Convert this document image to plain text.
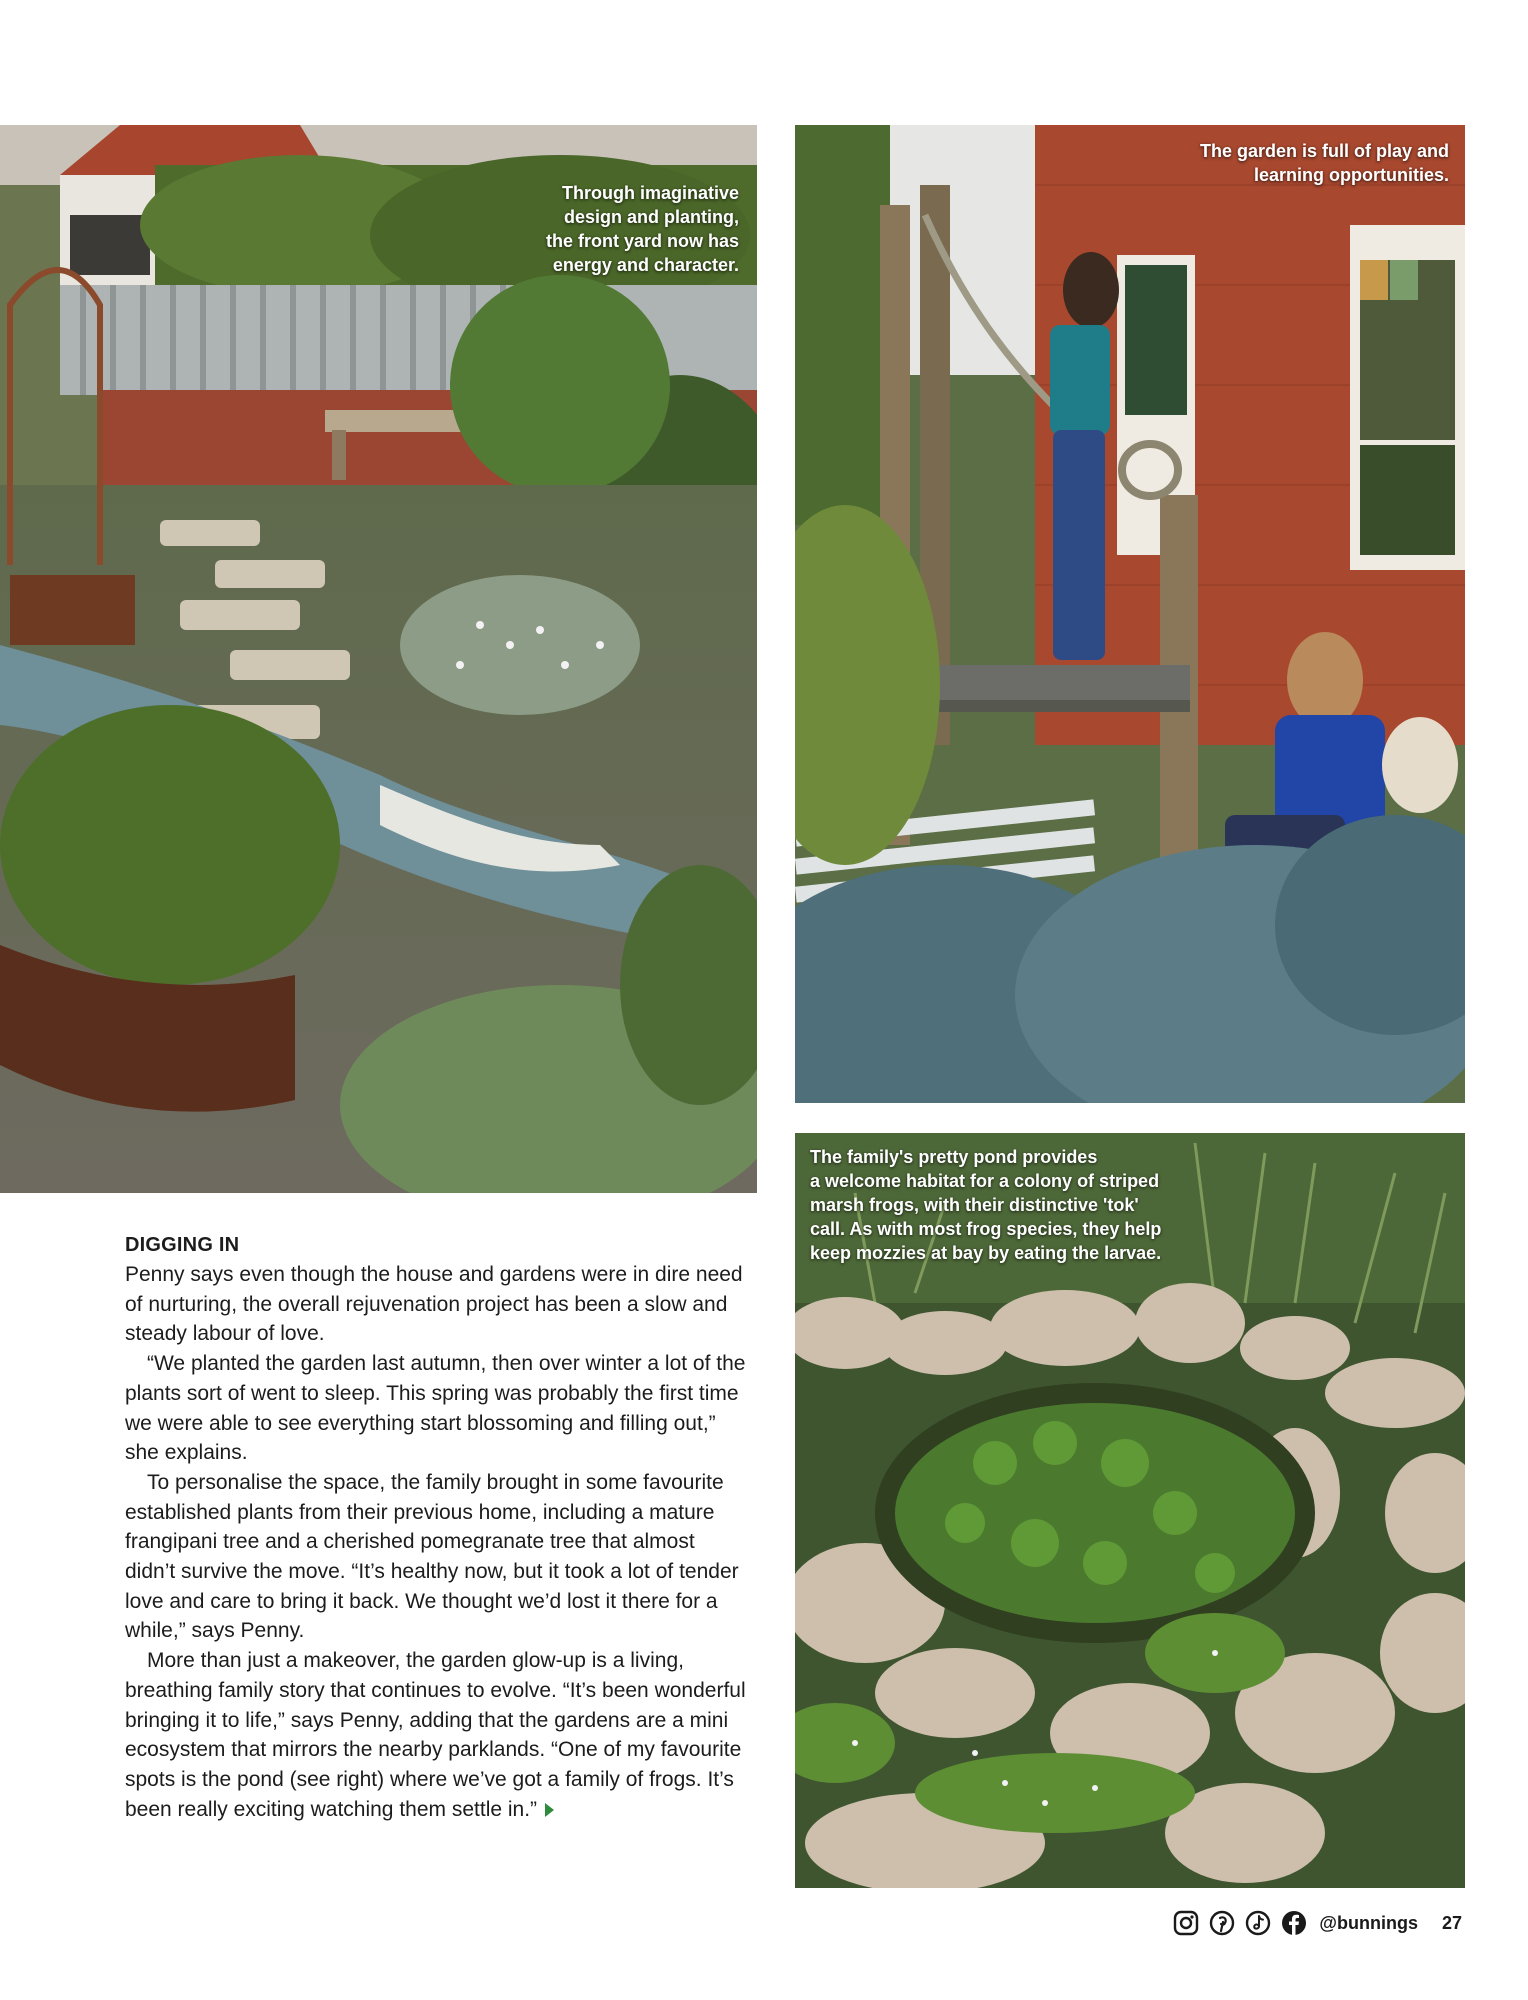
Through imaginative
design and planting,
the front yard now has
energy and character.
The garden is full of play and
learning opportunities.
The family's pretty pond provides
a welcome habitat for a colony of striped
marsh frogs, with their distinctive 'tok'
call. As with most frog species, they help
keep mozzies at bay by eating the larvae.
DIGGING IN

Penny says even though the house and gardens were in dire need of nurturing, the overall rejuvenation project has been a slow and steady labour of love.

“We planted the garden last autumn, then over winter a lot of the plants sort of went to sleep. This spring was probably the first time we were able to see everything start blossoming and filling out,” she explains.

To personalise the space, the family brought in some favourite established plants from their previous home, including a mature frangipani tree and a cherished pomegranate tree that almost didn’t survive the move. “It’s healthy now, but it took a lot of tender love and care to bring it back. We thought we’d lost it there for a while,” says Penny.

More than just a makeover, the garden glow-up is a living, breathing family story that continues to evolve. “It’s been wonderful bringing it to life,” says Penny, adding that the gardens are a mini ecosystem that mirrors the nearby parklands. “One of my favourite spots is the pond (see right) where we’ve got a family of frogs. It’s been really exciting watching them settle in.”

@bunnings 27
